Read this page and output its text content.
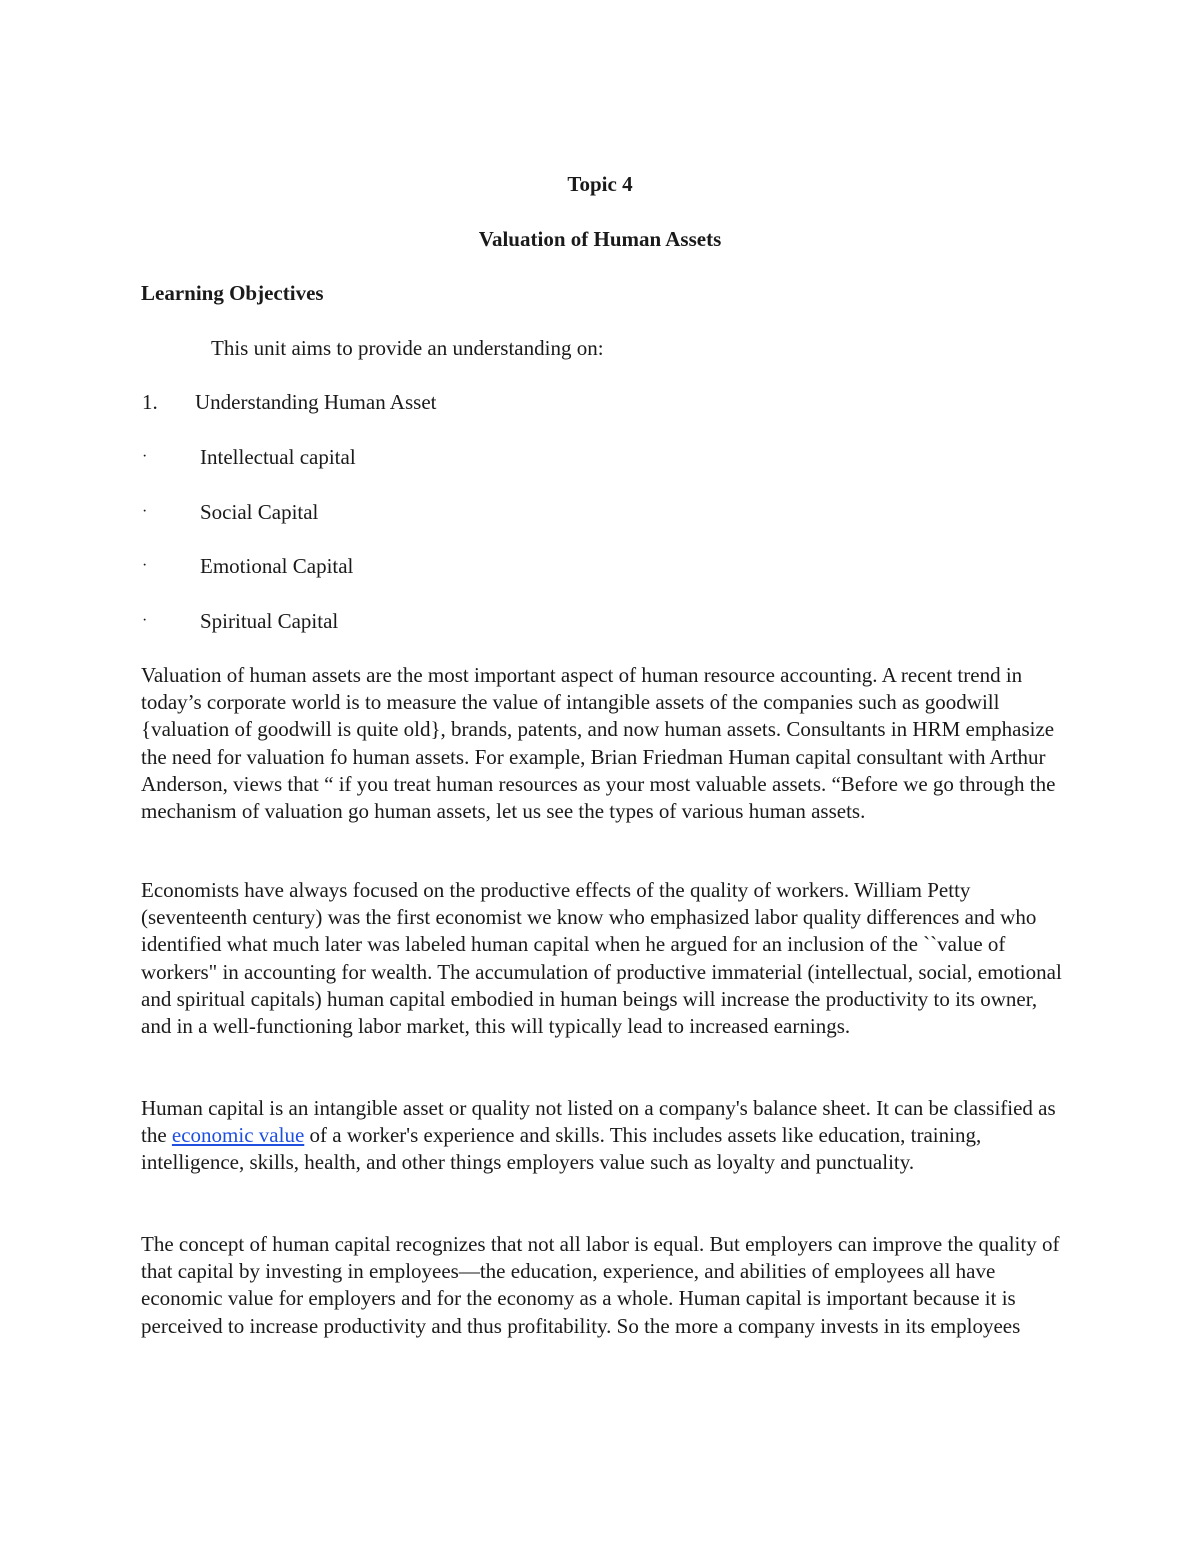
Topic 4
Valuation of Human Assets
Learning Objectives
This unit aims to provide an understanding on:
1. Understanding Human Asset
·	Intellectual capital
·	Social Capital
·	Emotional Capital
·	Spiritual Capital

Valuation of human assets are the most important aspect of human resource accounting. A recent trend in today’s corporate world is to measure the value of intangible assets of the companies such as goodwill {valuation of goodwill is quite old}, brands, patents, and now human assets. Consultants in HRM emphasize the need for valuation fo human assets. For example, Brian Friedman Human capital consultant with Arthur Anderson, views that “ if you treat human resources as your most valuable assets. “Before we go through the mechanism of valuation go human assets, let us see the types of various human assets.

Economists have always focused on the productive effects of the quality of workers. William Petty (seventeenth century) was the first economist we know who emphasized labor quality differences and who identified what much later was labeled human capital when he argued for an inclusion of the ``value of workers" in accounting for wealth. The accumulation of productive immaterial (intellectual, social, emotional and spiritual capitals) human capital embodied in human beings will increase the productivity to its owner, and in a well-functioning labor market, this will typically lead to increased earnings.

Human capital is an intangible asset or quality not listed on a company's balance sheet. It can be classified as the economic value of a worker's experience and skills. This includes assets like education, training, intelligence, skills, health, and other things employers value such as loyalty and punctuality.

The concept of human capital recognizes that not all labor is equal. But employers can improve the quality of that capital by investing in employees—the education, experience, and abilities of employees all have economic value for employers and for the economy as a whole. Human capital is important because it is perceived to increase productivity and thus profitability. So the more a company invests in its employees
